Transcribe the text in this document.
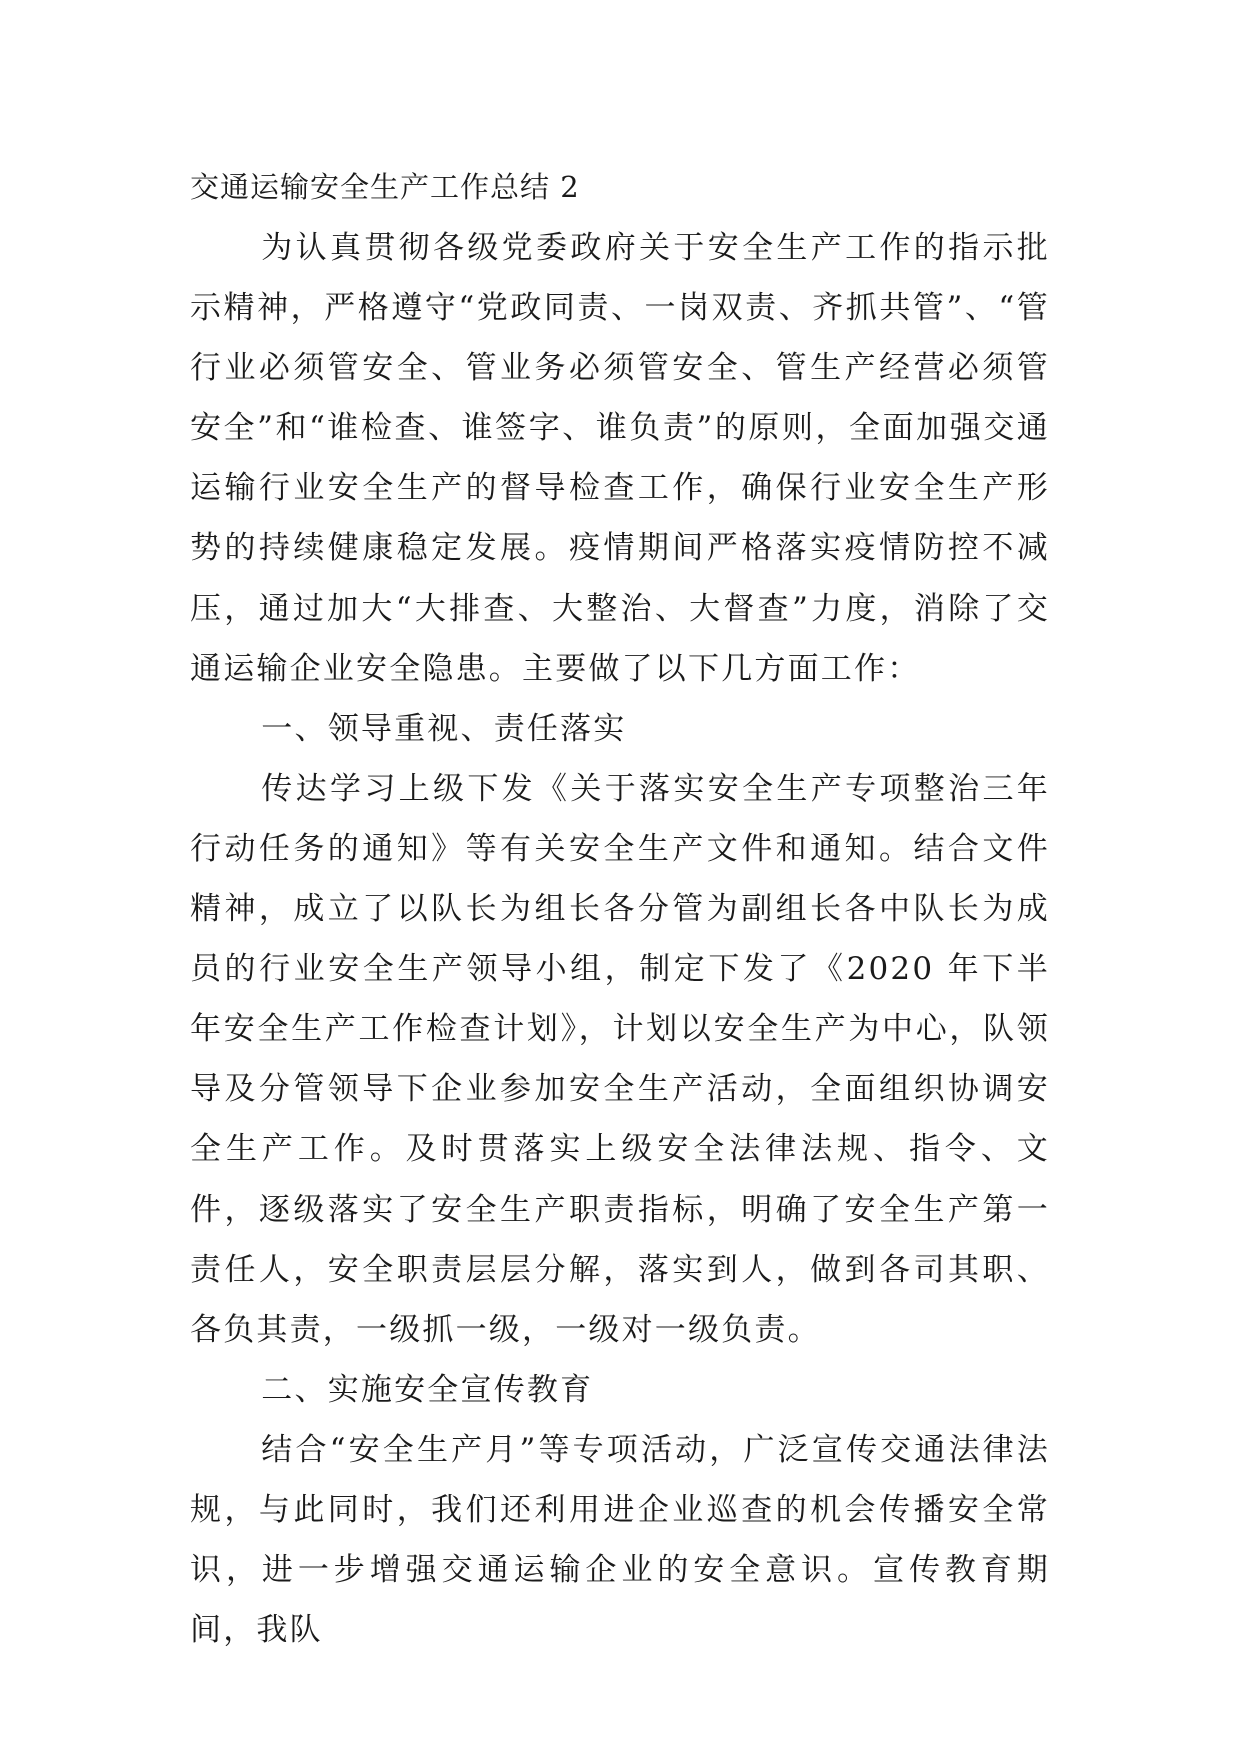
交通运输安全生产工作总结 2

为认真贯彻各级党委政府关于安全生产工作的指示批示精神，严格遵守“党政同责、一岗双责、齐抓共管”、“管行业必须管安全、管业务必须管安全、管生产经营必须管安全”和“谁检查、谁签字、谁负责”的原则，全面加强交通运输行业安全生产的督导检查工作，确保行业安全生产形势的持续健康稳定发展。疫情期间严格落实疫情防控不减压，通过加大“大排查、大整治、大督查”力度，消除了交通运输企业安全隐患。主要做了以下几方面工作：

一、领导重视、责任落实

传达学习上级下发《关于落实安全生产专项整治三年行动任务的通知》等有关安全生产文件和通知。结合文件精神，成立了以队长为组长各分管为副组长各中队长为成员的行业安全生产领导小组，制定下发了《2020 年下半年安全生产工作检查计划》，计划以安全生产为中心，队领导及分管领导下企业参加安全生产活动，全面组织协调安全生产工作。及时贯落实上级安全法律法规、指令、文件，逐级落实了安全生产职责指标，明确了安全生产第一责任人，安全职责层层分解，落实到人，做到各司其职、各负其责，一级抓一级，一级对一级负责。

二、实施安全宣传教育

结合“安全生产月”等专项活动，广泛宣传交通法律法规，与此同时，我们还利用进企业巡查的机会传播安全常识，进一步增强交通运输企业的安全意识。宣传教育期间，我队
